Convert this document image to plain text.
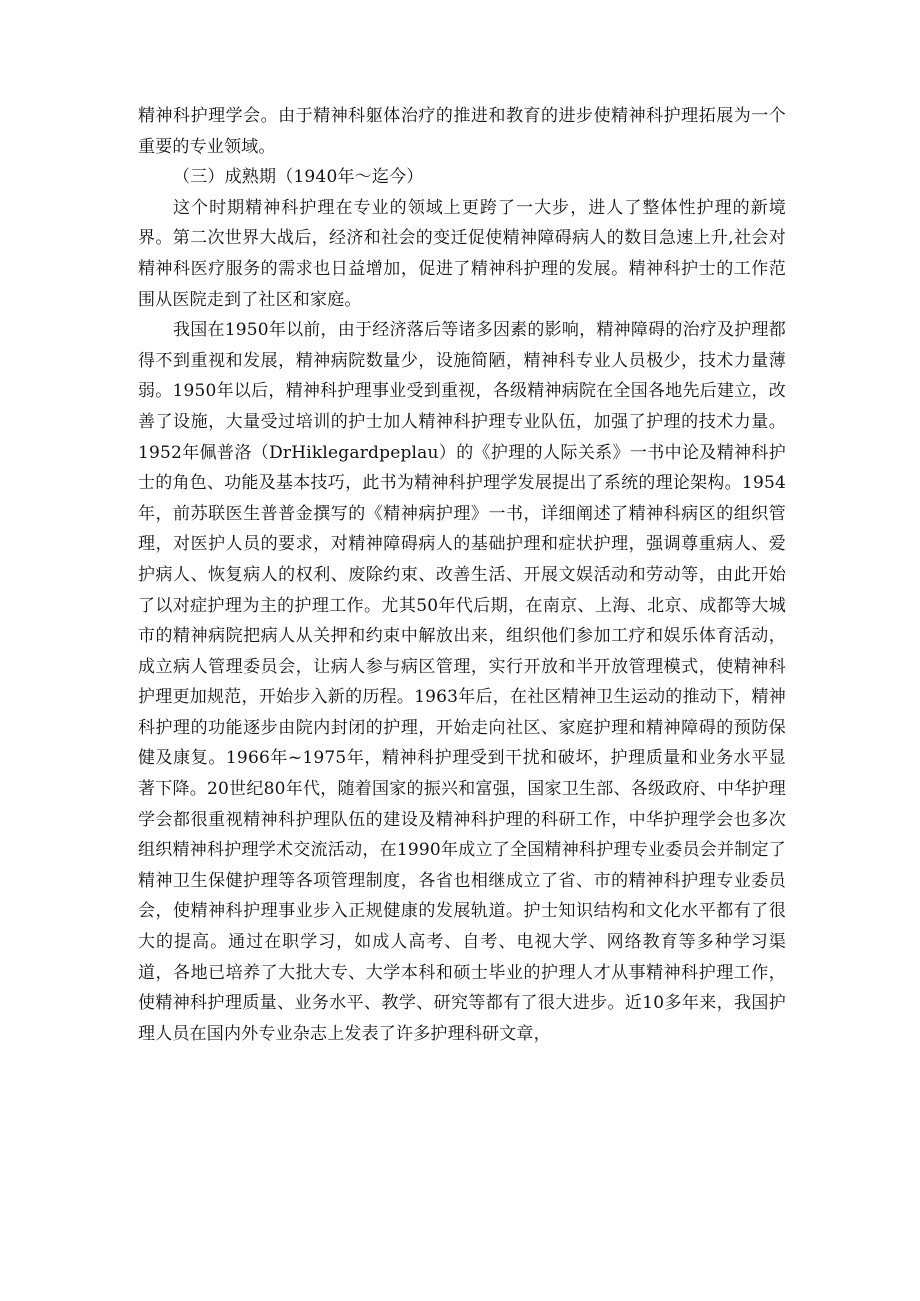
精神科护理学会。由于精神科躯体治疗的推进和教育的进步使精神科护理拓展为一个重要的专业领域。

（三）成熟期（1940年～迄今）

这个时期精神科护理在专业的领域上更跨了一大步，进人了整体性护理的新境界。第二次世界大战后，经济和社会的变迁促使精神障碍病人的数目急速上升,社会对精神科医疗服务的需求也日益增加，促进了精神科护理的发展。精神科护士的工作范围从医院走到了社区和家庭。

我国在1950年以前，由于经济落后等诸多因素的影响，精神障碍的治疗及护理都得不到重视和发展，精神病院数量少，设施简陋，精神科专业人员极少，技术力量薄弱。1950年以后，精神科护理事业受到重视，各级精神病院在全国各地先后建立，改善了设施，大量受过培训的护士加人精神科护理专业队伍，加强了护理的技术力量。1952年佩普洛（DrHiklegardpeplau）的《护理的人际关系》一书中论及精神科护士的角色、功能及基本技巧，此书为精神科护理学发展提出了系统的理论架构。1954年，前苏联医生普普金撰写的《精神病护理》一书，详细阐述了精神科病区的组织管理，对医护人员的要求，对精神障碍病人的基础护理和症状护理，强调尊重病人、爱护病人、恢复病人的权利、废除约束、改善生活、开展文娱活动和劳动等，由此开始了以对症护理为主的护理工作。尤其50年代后期，在南京、上海、北京、成都等大城市的精神病院把病人从关押和约束中解放出来，组织他们参加工疗和娱乐体育活动，成立病人管理委员会，让病人参与病区管理，实行开放和半开放管理模式，使精神科护理更加规范，开始步入新的历程。1963年后，在社区精神卫生运动的推动下，精神科护理的功能逐步由院内封闭的护理，开始走向社区、家庭护理和精神障碍的预防保健及康复。1966年~1975年，精神科护理受到干扰和破坏，护理质量和业务水平显著下降。20世纪80年代，随着国家的振兴和富强，国家卫生部、各级政府、中华护理学会都很重视精神科护理队伍的建设及精神科护理的科研工作，中华护理学会也多次组织精神科护理学术交流活动，在1990年成立了全国精神科护理专业委员会并制定了精神卫生保健护理等各项管理制度，各省也相继成立了省、市的精神科护理专业委员会，使精神科护理事业步入正规健康的发展轨道。护士知识结构和文化水平都有了很大的提高。通过在职学习，如成人高考、自考、电视大学、网络教育等多种学习渠道，各地已培养了大批大专、大学本科和硕士毕业的护理人才从事精神科护理工作，使精神科护理质量、业务水平、教学、研究等都有了很大进步。近10多年来，我国护理人员在国内外专业杂志上发表了许多护理科研文章，
